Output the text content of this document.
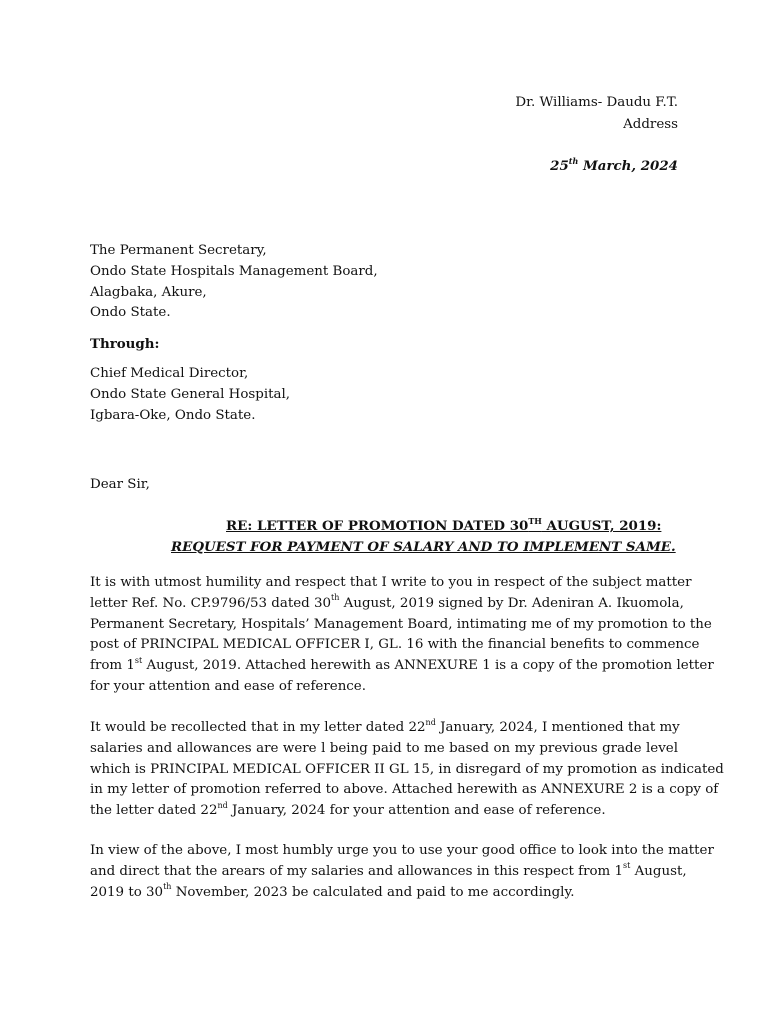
Dr. Williams- Daudu F.T.
Address
25th March, 2024
The Permanent Secretary,
Ondo State Hospitals Management Board,
Alagbaka, Akure,
Ondo State.
Through:
Chief Medical Director,
Ondo State General Hospital,
Igbara-Oke, Ondo State.
Dear Sir,
RE: LETTER OF PROMOTION DATED 30TH AUGUST, 2019:
REQUEST FOR PAYMENT OF SALARY AND TO IMPLEMENT SAME.
It is with utmost humility and respect that I write to you in respect of the subject matter
letter Ref. No. CP.9796/53 dated 30th August, 2019 signed by Dr. Adeniran A. Ikuomola,
Permanent Secretary, Hospitals’ Management Board, intimating me of my promotion to the
post of PRINCIPAL MEDICAL OFFICER I, GL. 16 with the financial benefits to commence
from 1st August, 2019. Attached herewith as ANNEXURE 1 is a copy of the promotion letter
for your attention and ease of reference.
It would be recollected that in my letter dated 22nd January, 2024, I mentioned that my
salaries and allowances are were l being paid to me based on my previous grade level
which is PRINCIPAL MEDICAL OFFICER II GL 15, in disregard of my promotion as indicated
in my letter of promotion referred to above. Attached herewith as ANNEXURE 2 is a copy of
the letter dated 22nd January, 2024 for your attention and ease of reference.
In view of the above, I most humbly urge you to use your good office to look into the matter
and direct that the arears of my salaries and allowances in this respect from 1st August,
2019 to 30th November, 2023 be calculated and paid to me accordingly.
